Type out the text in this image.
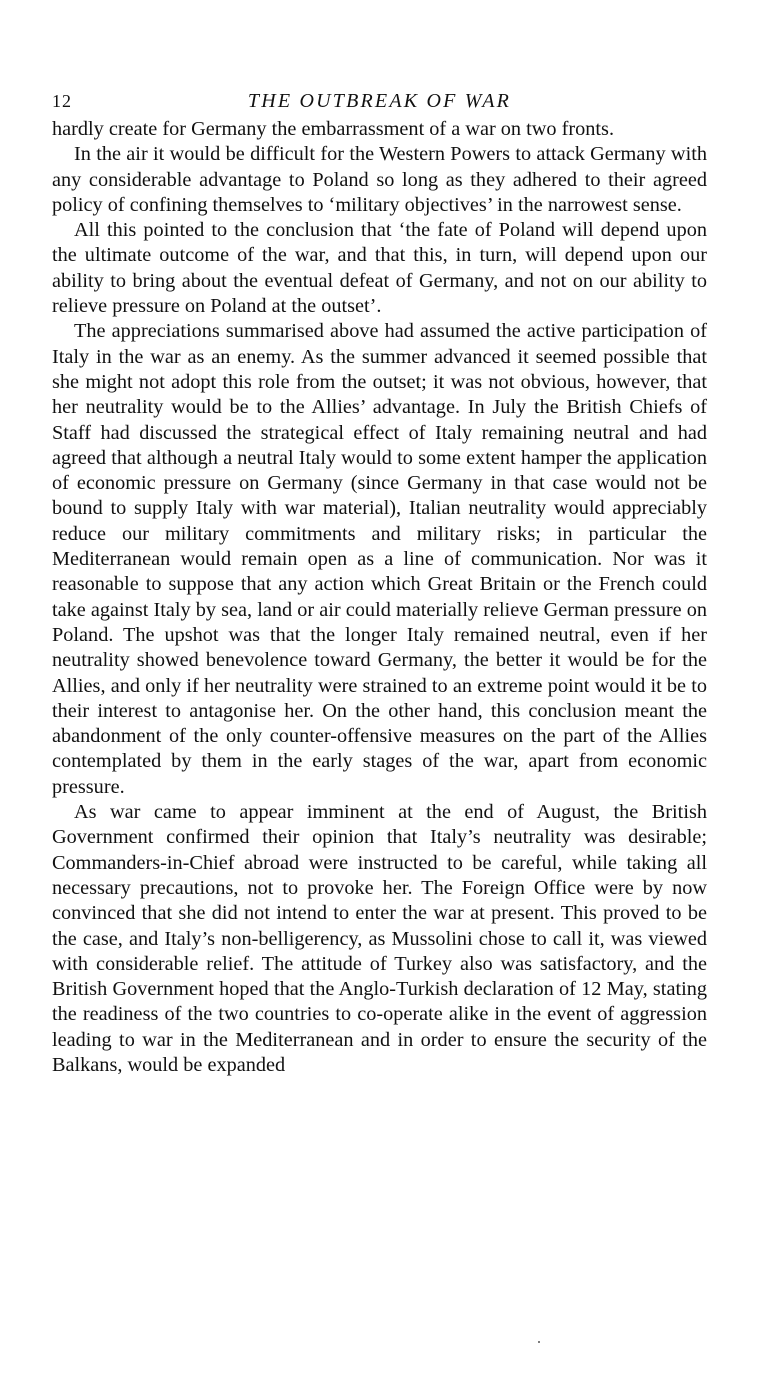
12	THE OUTBREAK OF WAR

hardly create for Germany the embarrassment of a war on two fronts.

In the air it would be difficult for the Western Powers to attack Germany with any considerable advantage to Poland so long as they adhered to their agreed policy of confining themselves to ‘military objectives’ in the narrowest sense.

All this pointed to the conclusion that ‘the fate of Poland will depend upon the ultimate outcome of the war, and that this, in turn, will depend upon our ability to bring about the eventual defeat of Germany, and not on our ability to relieve pressure on Poland at the outset’.

The appreciations summarised above had assumed the active participation of Italy in the war as an enemy. As the summer advanced it seemed possible that she might not adopt this role from the outset; it was not obvious, however, that her neutrality would be to the Allies’ advantage. In July the British Chiefs of Staff had discussed the strategical effect of Italy remaining neutral and had agreed that although a neutral Italy would to some extent hamper the application of economic pressure on Germany (since Germany in that case would not be bound to supply Italy with war material), Italian neutrality would appreciably reduce our military commitments and military risks; in particular the Mediterranean would remain open as a line of communication. Nor was it reasonable to suppose that any action which Great Britain or the French could take against Italy by sea, land or air could materially relieve German pressure on Poland. The upshot was that the longer Italy remained neutral, even if her neutrality showed benevolence toward Germany, the better it would be for the Allies, and only if her neutrality were strained to an extreme point would it be to their interest to antagonise her. On the other hand, this conclusion meant the abandonment of the only counter-offensive measures on the part of the Allies contemplated by them in the early stages of the war, apart from economic pressure.

As war came to appear imminent at the end of August, the British Government confirmed their opinion that Italy’s neutrality was desirable; Commanders-in-Chief abroad were instructed to be careful, while taking all necessary precautions, not to provoke her. The Foreign Office were by now convinced that she did not intend to enter the war at present. This proved to be the case, and Italy’s non-belligerency, as Mussolini chose to call it, was viewed with considerable relief. The attitude of Turkey also was satisfactory, and the British Government hoped that the Anglo-Turkish declaration of 12 May, stating the readiness of the two countries to co-operate alike in the event of aggression leading to war in the Mediterranean and in order to ensure the security of the Balkans, would be expanded
